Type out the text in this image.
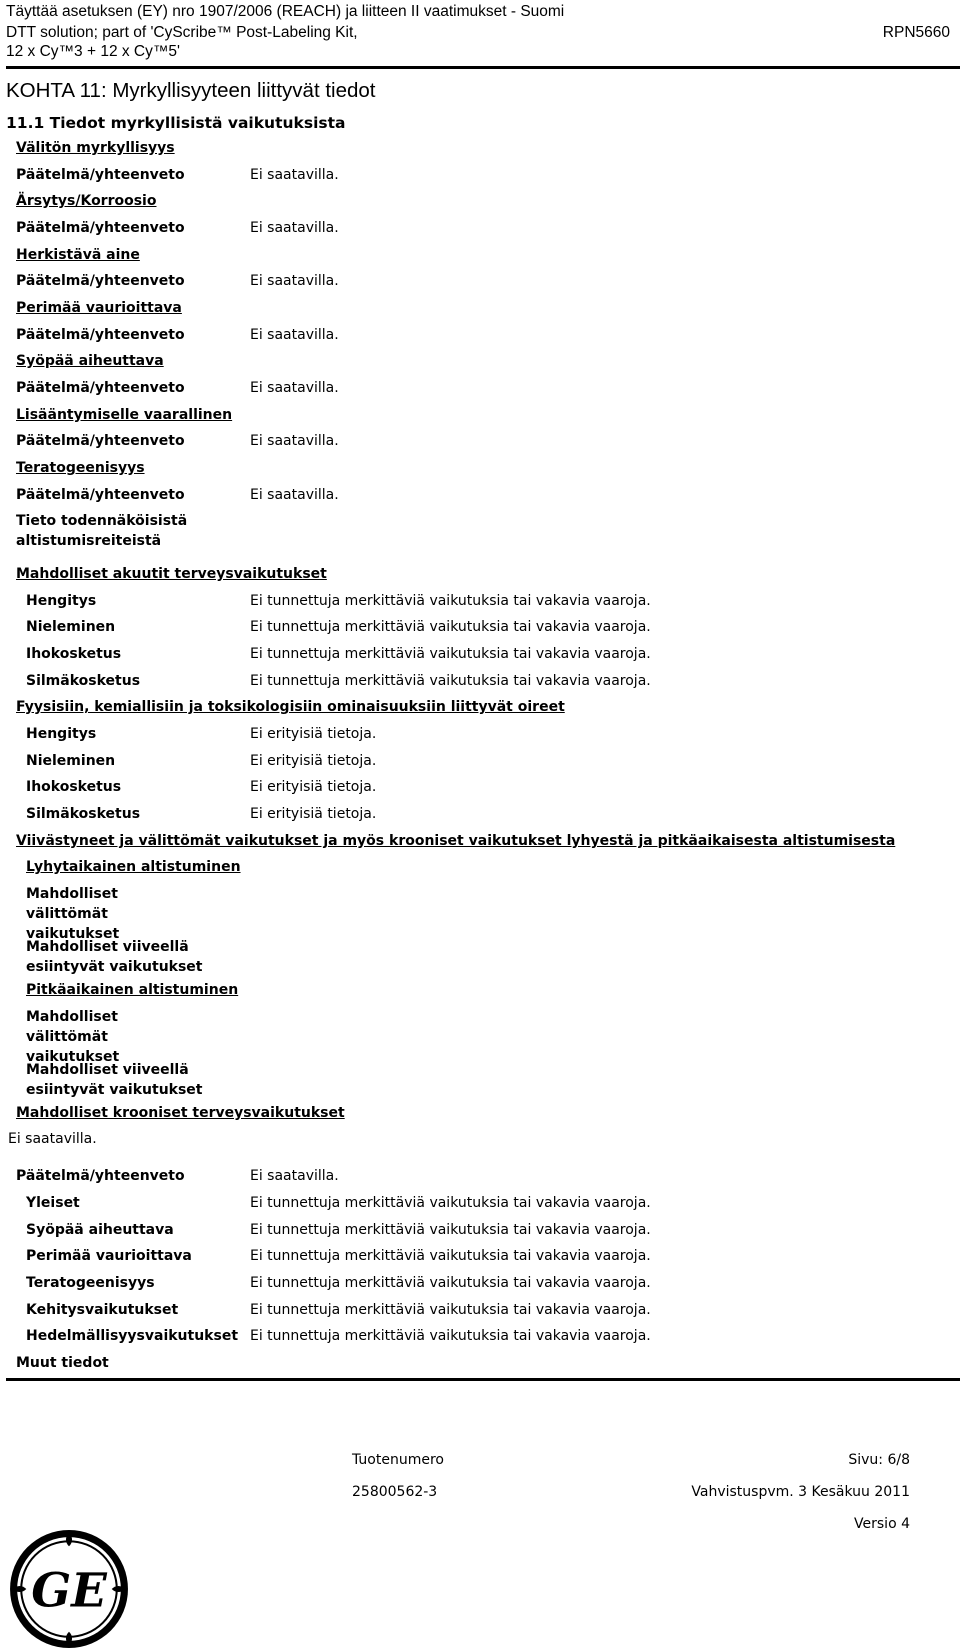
Täyttää asetuksen (EY) nro 1907/2006 (REACH) ja liitteen II vaatimukset - Suomi
DTT solution; part of 'CyScribe™ Post-Labeling Kit,
12 x Cy™3 + 12 x Cy™5'
RPN5660
KOHTA 11: Myrkyllisyyteen liittyvät tiedot
11.1 Tiedot myrkyllisistä vaikutuksista
Välitön myrkyllisyys
Päätelmä/yhteenveto	Ei saatavilla.
Ärsytys/Korroosio
Päätelmä/yhteenveto	Ei saatavilla.
Herkistävä aine
Päätelmä/yhteenveto	Ei saatavilla.
Perimää vaurioittava
Päätelmä/yhteenveto	Ei saatavilla.
Syöpää aiheuttava
Päätelmä/yhteenveto	Ei saatavilla.
Lisääntymiselle vaarallinen
Päätelmä/yhteenveto	Ei saatavilla.
Teratogeenisyys
Päätelmä/yhteenveto	Ei saatavilla.
Tieto todennäköisistä altistumisreiteistä
Mahdolliset akuutit terveysvaikutukset
Hengitys	Ei tunnettuja merkittäviä vaikutuksia tai vakavia vaaroja.
Nieleminen	Ei tunnettuja merkittäviä vaikutuksia tai vakavia vaaroja.
Ihokosketus	Ei tunnettuja merkittäviä vaikutuksia tai vakavia vaaroja.
Silmäkosketus	Ei tunnettuja merkittäviä vaikutuksia tai vakavia vaaroja.
Fyysisiin, kemiallisiin ja toksikologisiin ominaisuuksiin liittyvät oireet
Hengitys	Ei erityisiä tietoja.
Nieleminen	Ei erityisiä tietoja.
Ihokosketus	Ei erityisiä tietoja.
Silmäkosketus	Ei erityisiä tietoja.
Viivästyneet ja välittömät vaikutukset ja myös krooniset vaikutukset lyhyestä ja pitkäaikaisesta altistumisesta
Lyhytaikainen altistuminen
Mahdolliset välittömät vaikutukset
Mahdolliset viiveellä esiintyvät vaikutukset
Pitkäaikainen altistuminen
Mahdolliset välittömät vaikutukset
Mahdolliset viiveellä esiintyvät vaikutukset
Mahdolliset krooniset terveysvaikutukset
Ei saatavilla.
Päätelmä/yhteenveto	Ei saatavilla.
Yleiset	Ei tunnettuja merkittäviä vaikutuksia tai vakavia vaaroja.
Syöpää aiheuttava	Ei tunnettuja merkittäviä vaikutuksia tai vakavia vaaroja.
Perimää vaurioittava	Ei tunnettuja merkittäviä vaikutuksia tai vakavia vaaroja.
Teratogeenisyys	Ei tunnettuja merkittäviä vaikutuksia tai vakavia vaaroja.
Kehitysvaikutukset	Ei tunnettuja merkittäviä vaikutuksia tai vakavia vaaroja.
Hedelmällisyysvaikutukset Ei tunnettuja merkittäviä vaikutuksia tai vakavia vaaroja.
Muut tiedot
GE
Tuotenumero
25800562-3
Sivu: 6/8
Vahvistuspvm. 3 Kesäkuu 2011
Versio 4
